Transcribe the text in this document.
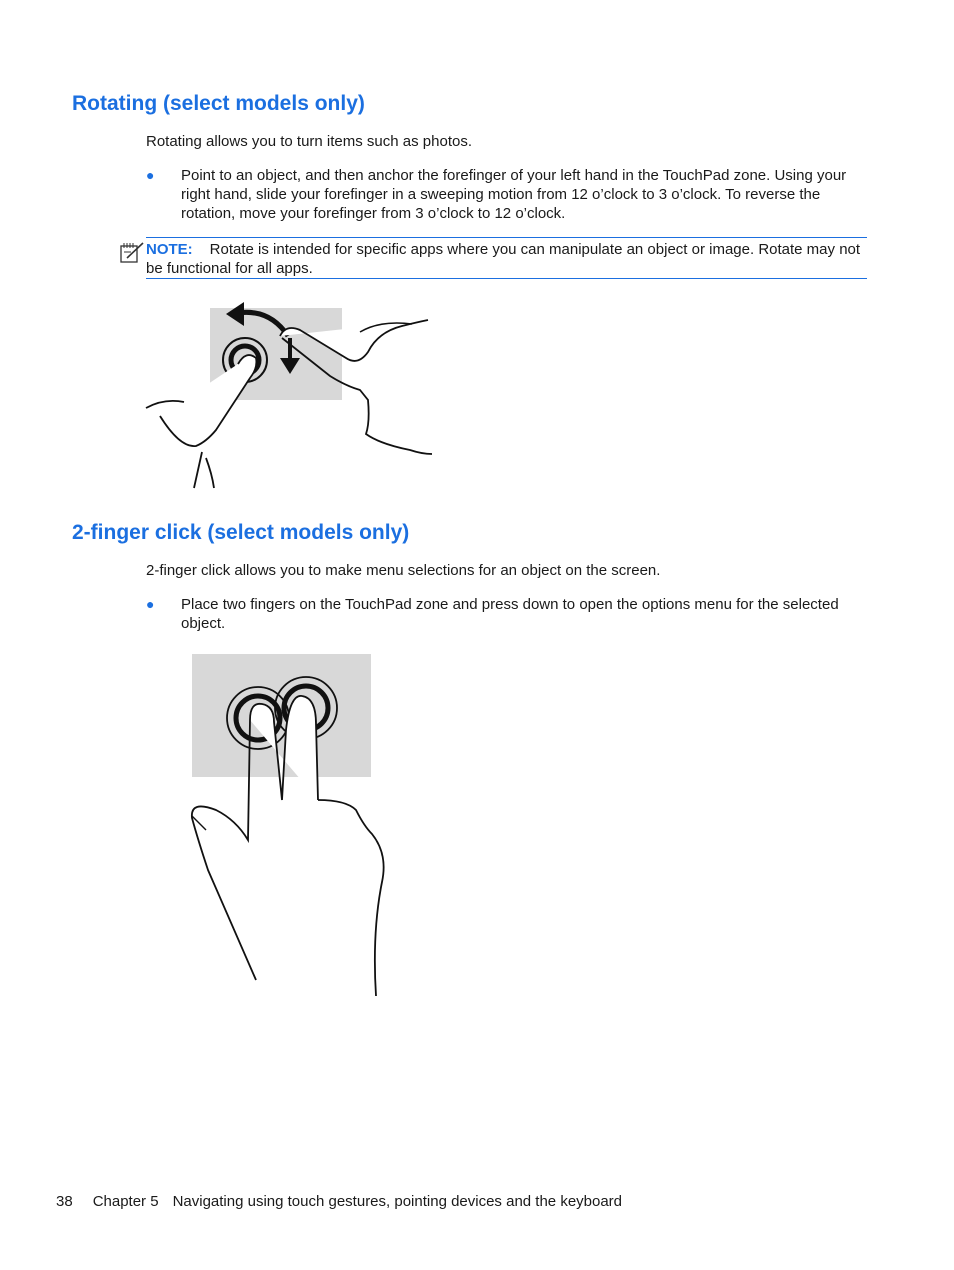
Rotating (select models only)
Rotating allows you to turn items such as photos.
● Point to an object, and then anchor the forefinger of your left hand in the TouchPad zone. Using your right hand, slide your forefinger in a sweeping motion from 12 o’clock to 3 o’clock. To reverse the rotation, move your forefinger from 3 o’clock to 12 o’clock.
NOTE: Rotate is intended for specific apps where you can manipulate an object or image. Rotate may not be functional for all apps.
2-finger click (select models only)
2-finger click allows you to make menu selections for an object on the screen.
● Place two fingers on the TouchPad zone and press down to open the options menu for the selected object.
38 Chapter 5 Navigating using touch gestures, pointing devices and the keyboard
